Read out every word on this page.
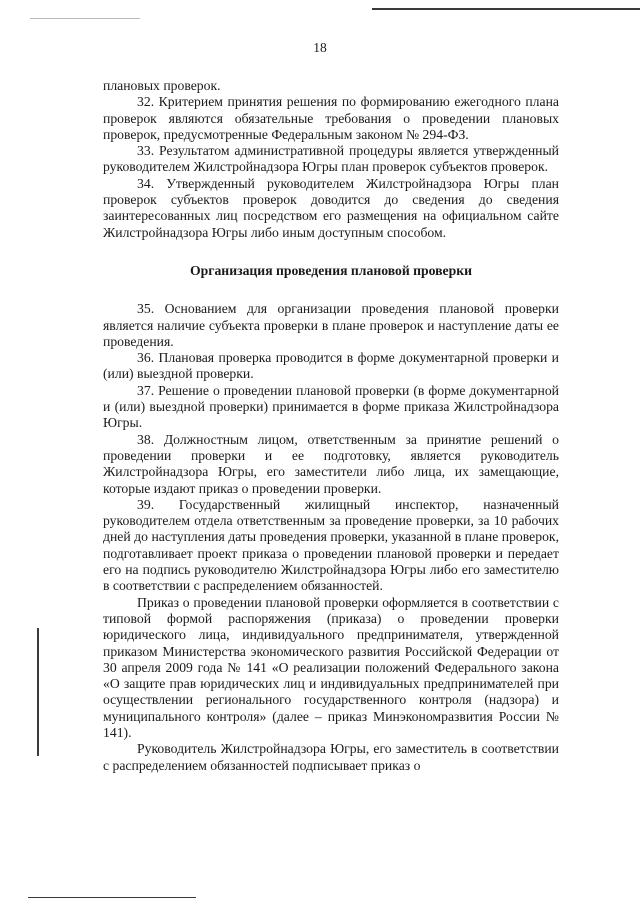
18

плановых проверок.

32. Критерием принятия решения по формированию ежегодного плана проверок являются обязательные требования о проведении плановых проверок, предусмотренные Федеральным законом № 294-ФЗ.

33. Результатом административной процедуры является утвержденный руководителем Жилстройнадзора Югры план проверок субъектов проверок.

34. Утвержденный руководителем Жилстройнадзора Югры план проверок субъектов проверок доводится до сведения до сведения заинтересованных лиц посредством его размещения на официальном сайте Жилстройнадзора Югры либо иным доступным способом.

Организация проведения плановой проверки

35. Основанием для организации проведения плановой проверки является наличие субъекта проверки в плане проверок и наступление даты ее проведения.

36. Плановая проверка проводится в форме документарной проверки и (или) выездной проверки.

37. Решение о проведении плановой проверки (в форме документарной и (или) выездной проверки) принимается в форме приказа Жилстройнадзора Югры.

38. Должностным лицом, ответственным за принятие решений о проведении проверки и ее подготовку, является руководитель Жилстройнадзора Югры, его заместители либо лица, их замещающие, которые издают приказ о проведении проверки.

39. Государственный жилищный инспектор, назначенный руководителем отдела ответственным за проведение проверки, за 10 рабочих дней до наступления даты проведения проверки, указанной в плане проверок, подготавливает проект приказа о проведении плановой проверки и передает его на подпись руководителю Жилстройнадзора Югры либо его заместителю в соответствии с распределением обязанностей.

Приказ о проведении плановой проверки оформляется в соответствии с типовой формой распоряжения (приказа) о проведении проверки юридического лица, индивидуального предпринимателя, утвержденной приказом Министерства экономического развития Российской Федерации от 30 апреля 2009 года № 141 «О реализации положений Федерального закона «О защите прав юридических лиц и индивидуальных предпринимателей при осуществлении регионального государственного контроля (надзора) и муниципального контроля» (далее – приказ Минэкономразвития России № 141).

Руководитель Жилстройнадзора Югры, его заместитель в соответствии с распределением обязанностей подписывает приказ о
